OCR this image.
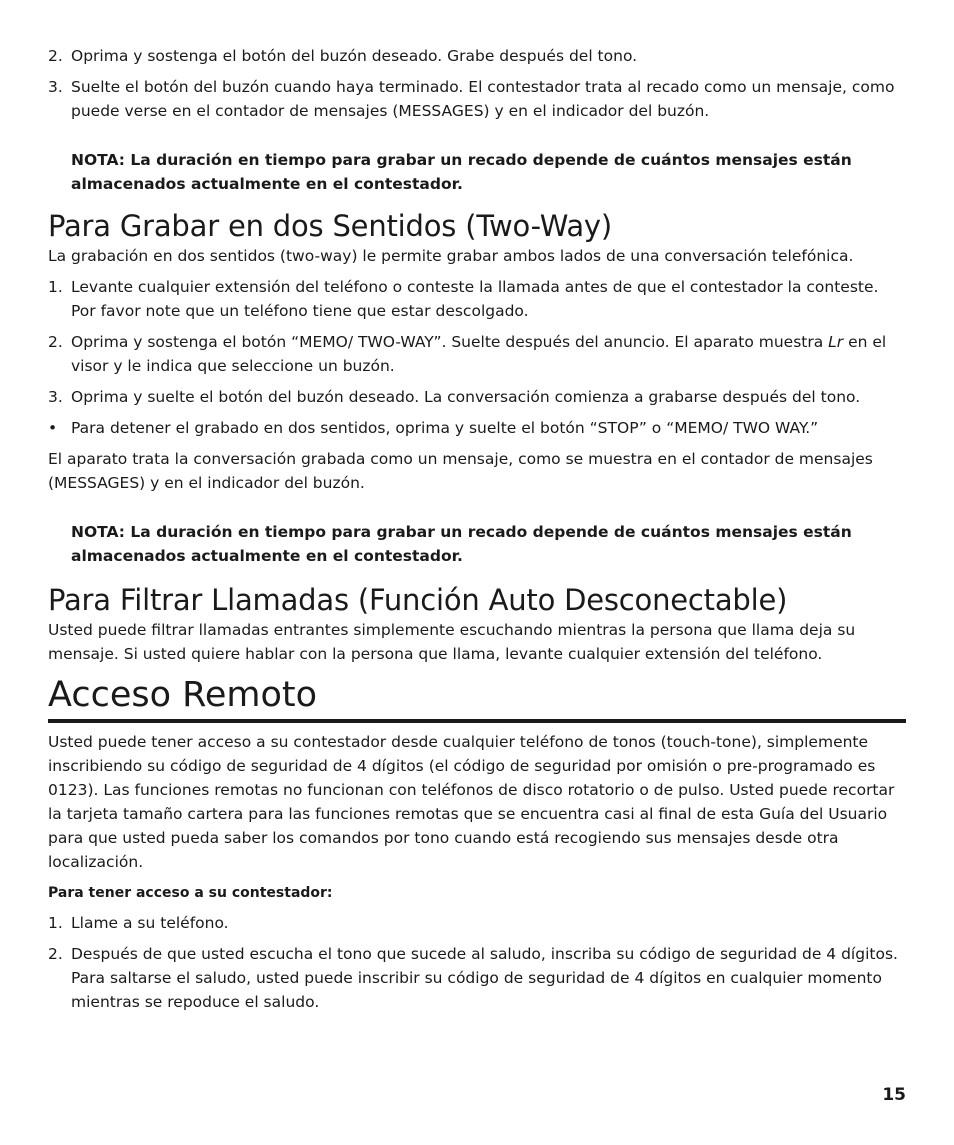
2. Oprima y sostenga el botón del buzón deseado. Grabe después del tono.
3. Suelte el botón del buzón cuando haya terminado. El contestador trata al recado como un mensaje, como puede verse en el contador de mensajes (MESSAGES) y en el indicador del buzón.
NOTA: La duración en tiempo para grabar un recado depende de cuántos mensajes están almacenados actualmente en el contestador.
Para Grabar en dos Sentidos (Two-Way)
La grabación en dos sentidos (two-way) le permite grabar ambos lados de una conversación telefónica.
1. Levante cualquier extensión del teléfono o conteste la llamada antes de que el contestador la conteste. Por favor note que un teléfono tiene que estar descolgado.
2. Oprima y sostenga el botón “MEMO/ TWO-WAY”. Suelte después del anuncio. El aparato muestra Lr en el visor y le indica que seleccione un buzón.
3. Oprima y suelte el botón del buzón deseado. La conversación comienza a grabarse después del tono.
• Para detener el grabado en dos sentidos, oprima y suelte el botón “STOP” o “MEMO/ TWO WAY.”
El aparato trata la conversación grabada como un mensaje, como se muestra en el contador de mensajes (MESSAGES) y en el indicador del buzón.
NOTA: La duración en tiempo para grabar un recado depende de cuántos mensajes están almacenados actualmente en el contestador.
Para Filtrar Llamadas (Función Auto Desconectable)
Usted puede filtrar llamadas entrantes simplemente escuchando mientras la persona que llama deja su mensaje. Si usted quiere hablar con la persona que llama, levante cualquier extensión del teléfono.
Acceso Remoto
Usted puede tener acceso a su contestador desde cualquier teléfono de tonos (touch-tone), simplemente inscribiendo su código de seguridad de 4 dígitos (el código de seguridad por omisión o pre-programado es 0123). Las funciones remotas no funcionan con teléfonos de disco rotatorio o de pulso. Usted puede recortar la tarjeta tamaño cartera para las funciones remotas que se encuentra casi al final de esta Guía del Usuario para que usted pueda saber los comandos por tono cuando está recogiendo sus mensajes desde otra localización.
Para tener acceso a su contestador:
1. Llame a su teléfono.
2. Después de que usted escucha el tono que sucede al saludo, inscriba su código de seguridad de 4 dígitos. Para saltarse el saludo, usted puede inscribir su código de seguridad de 4 dígitos en cualquier momento mientras se repoduce el saludo.
15
